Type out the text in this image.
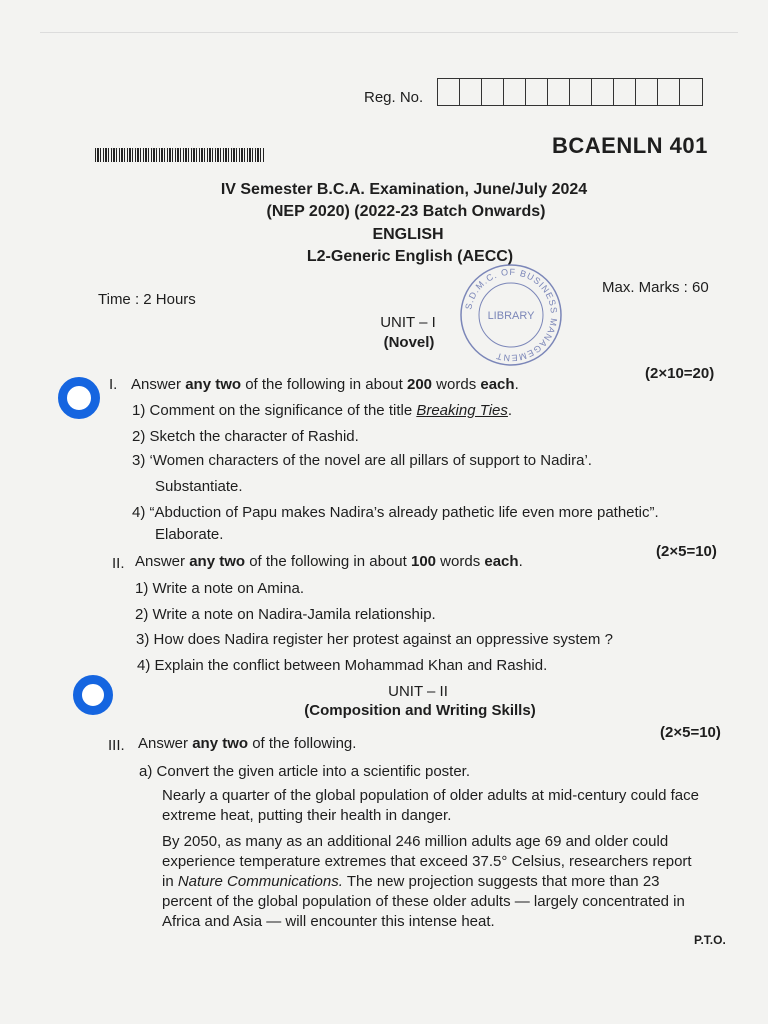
Reg. No.
BCAENLN 401
IV Semester B.C.A. Examination, June/July 2024
(NEP 2020) (2022-23 Batch Onwards)
ENGLISH
L2-Generic English (AECC)
Time : 2 Hours
Max. Marks : 60
S.D.M.C. OF BUSINESS MANAGEMENT
LIBRARY
UNIT – I
(Novel)
I. Answer any two of the following in about 200 words each.
(2×10=20)
1) Comment on the significance of the title Breaking Ties.
2) Sketch the character of Rashid.
3) ‘Women characters of the novel are all pillars of support to Nadira’.
Substantiate.
4) “Abduction of Papu makes Nadira’s already pathetic life even more pathetic”.
Elaborate.
II. Answer any two of the following in about 100 words each.
(2×5=10)
1) Write a note on Amina.
2) Write a note on Nadira-Jamila relationship.
3) How does Nadira register her protest against an oppressive system ?
4) Explain the conflict between Mohammad Khan and Rashid.
UNIT – II
(Composition and Writing Skills)
III. Answer any two of the following.
(2×5=10)
a) Convert the given article into a scientific poster.
Nearly a quarter of the global population of older adults at mid-century could face extreme heat, putting their health in danger.
By 2050, as many as an additional 246 million adults age 69 and older could experience temperature extremes that exceed 37.5° Celsius, researchers report in Nature Communications. The new projection suggests that more than 23 percent of the global population of these older adults — largely concentrated in Africa and Asia — will encounter this intense heat.
P.T.O.
